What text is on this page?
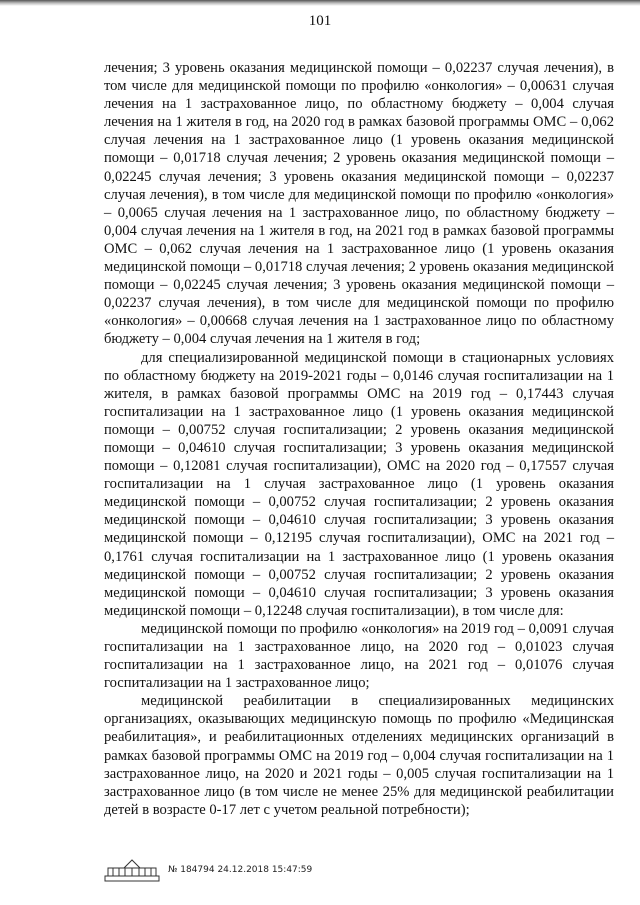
101

лечения; 3 уровень оказания медицинской помощи – 0,02237 случая лечения), в том числе для медицинской помощи по профилю «онкология» – 0,00631 случая лечения на 1 застрахованное лицо, по областному бюджету – 0,004 случая лечения на 1 жителя в год, на 2020 год в рамках базовой программы ОМС – 0,062 случая лечения на 1 застрахованное лицо (1 уровень оказания медицинской помощи – 0,01718 случая лечения; 2 уровень оказания медицинской помощи – 0,02245 случая лечения; 3 уровень оказания медицинской помощи – 0,02237 случая лечения), в том числе для медицинской помощи по профилю «онкология» – 0,0065 случая лечения на 1 застрахованное лицо, по областному бюджету – 0,004 случая лечения на 1 жителя в год, на 2021 год в рамках базовой программы ОМС – 0,062 случая лечения на 1 застрахованное лицо (1 уровень оказания медицинской помощи – 0,01718 случая лечения; 2 уровень оказания медицинской помощи – 0,02245 случая лечения; 3 уровень оказания медицинской помощи – 0,02237 случая лечения), в том числе для медицинской помощи по профилю «онкология» – 0,00668 случая лечения на 1 застрахованное лицо по областному бюджету – 0,004 случая лечения на 1 жителя в год;

для специализированной медицинской помощи в стационарных условиях по областному бюджету на 2019-2021 годы – 0,0146 случая госпитализации на 1 жителя, в рамках базовой программы ОМС на 2019 год – 0,17443 случая госпитализации на 1 застрахованное лицо (1 уровень оказания медицинской помощи – 0,00752 случая госпитализации; 2 уровень оказания медицинской помощи – 0,04610 случая госпитализации; 3 уровень оказания медицинской помощи – 0,12081 случая госпитализации), ОМС на 2020 год – 0,17557 случая госпитализации на 1 случая застрахованное лицо (1 уровень оказания медицинской помощи – 0,00752 случая госпитализации; 2 уровень оказания медицинской помощи – 0,04610 случая госпитализации; 3 уровень оказания медицинской помощи – 0,12195 случая госпитализации), ОМС на 2021 год – 0,1761 случая госпитализации на 1 застрахованное лицо (1 уровень оказания медицинской помощи – 0,00752 случая госпитализации; 2 уровень оказания медицинской помощи – 0,04610 случая госпитализации; 3 уровень оказания медицинской помощи – 0,12248 случая госпитализации), в том числе для:

медицинской помощи по профилю «онкология» на 2019 год – 0,0091 случая госпитализации на 1 застрахованное лицо, на 2020 год – 0,01023 случая госпитализации на 1 застрахованное лицо, на 2021 год – 0,01076 случая госпитализации на 1 застрахованное лицо;

медицинской реабилитации в специализированных медицинских организациях, оказывающих медицинскую помощь по профилю «Медицинская реабилитация», и реабилитационных отделениях медицинских организаций в рамках базовой программы ОМС на 2019 год – 0,004 случая госпитализации на 1 застрахованное лицо, на 2020 и 2021 годы – 0,005 случая госпитализации на 1 застрахованное лицо (в том числе не менее 25% для медицинской реабилитации детей в возрасте 0-17 лет с учетом реальной потребности);

№ 184794 24.12.2018 15:47:59
